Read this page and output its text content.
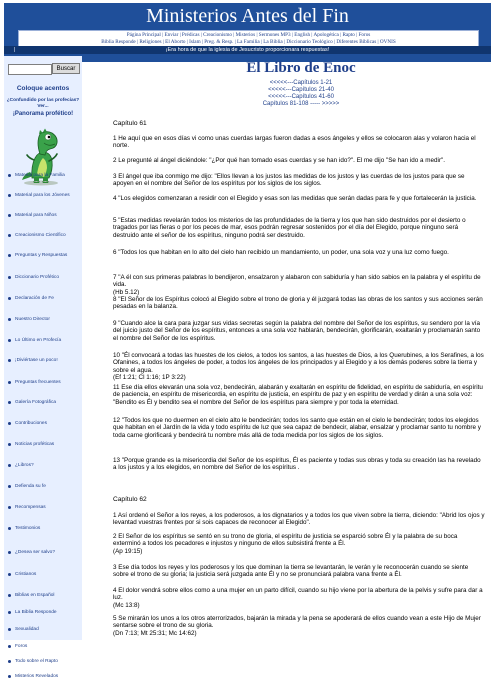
Ministerios Antes del Fin
Página Principal | Enviar | Prédicas | Creacionismo | Misterios | Sermones MP3 | English | Apologética | Rapto | Foros
Biblia Responde | Religiones | El Aborto | Islam | Preg. & Resp. | La Familia | La Biblia | Diccionario Teológico | Diferentes Biblicas | OVNIS
|	¡Era hora de que la iglesia de Jesucristo proporcionara respuestas!
Buscar
Coloque acentos
¿Confundido por las profecías?
Ver...
¡Panorama profético!
Material para la Familia
Material para los Jóvenes
Material para Niños
Creacionismo Científico
Preguntas y Respuestas
Diccionario Profético
Declaración de Fe
Nuestro Director
Lo Último en Profecía
¡Diviértase un poco!
Preguntas frecuentes
Galería Fotográfica
Contribuciones
Noticias proféticas
¿Libros?
Defienda su fe
Recompensas
Testimonios
¿Desea ser salvo?
Cristianos
Biblias en Español
La Biblia Responde
Sexualidad
Foros
Todo sobre el Rapto
Misterios Revelados
El Libro de Enoc
<<<<<---Capítulos 1-21
<<<<<---Capítulos 21-40
<<<<<---Capítulos 41-60
Capítulos 81-108 ----- >>>>>
Capítulo 61
1 He aquí que en esos días vi como unas cuerdas largas fueron dadas a esos ángeles y ellos se colocaron alas y volaron hacia el norte.
2 Le pregunté al ángel diciéndole: "¿Por qué han tomado esas cuerdas y se han ido?". El me dijo "Se han ido a medir".
3 El ángel que iba conmigo me dijo: "Ellos llevan a los justos las medidas de los justos y las cuerdas de los justos para que se apoyen en el nombre del Señor de los espíritus por los siglos de los siglos.
4 "Los elegidos comenzaran a residir con el Elegido y esas son las medidas que serán dadas para fe y que fortalecerán la justicia.
5 "Estas medidas revelarán todos los misterios de las profundidades de la tierra y los que han sido destruidos por el desierto o tragados por las fieras o por los peces de mar, esos podrán regresar sostenidos por el día del Elegido, porque ninguno será destruido ante el señor de los espíritus, ninguno podrá ser destruido.
6 "Todos los que habitan en lo alto del cielo han recibido un mandamiento, un poder, una sola voz y una luz como fuego.
7 "A él con sus primeras palabras lo bendijeron, ensalzaron y alabaron con sabiduría y han sido sabios en la palabra y el espíritu de vida.
(Hb 5.12)
8 "El Señor de los Espíritus colocó al Elegido sobre el trono de gloria y él juzgará todas las obras de los santos y sus acciones serán pesadas en la balanza.
9 "Cuando alce la cara para juzgar sus vidas secretas según la palabra del nombre del Señor de los espíritus, su sendero por la vía del juicio justo del Señor de los espíritus, entonces a una sola voz hablarán, bendecirán, glorificarán, exaltarán y proclamarán santo el nombre del Señor de los espíritus.
10 "Él convocará a todas las huestes de los cielos, a todos los santos, a las huestes de Dios, a los Querubines, a los Serafines, a los Ofanines, a todos los ángeles de poder, a todos los ángeles de los principados y al Elegido y a los demás poderes sobre la tierra y sobre el agua.
(Ef 1:21; Cl 1:16; 1P 3:22)
11 Ese día ellos elevarán una sola voz, bendecirán, alabarán y exaltarán en espíritu de fidelidad, en espíritu de sabiduría, en espíritu de paciencia, en espíritu de misericordia, en espíritu de justicia, en espíritu de paz y en espíritu de verdad y dirán a una sola voz: "Bendito es Él y bendito sea el nombre del Señor de los espíritus para siempre y por toda la eternidad.
12 "Todos los que no duermen en el cielo alto le bendecirán; todos los santo que están en el cielo le bendecirán; todos los elegidos que habitan en el Jardín de la vida y todo espíritu de luz que sea capaz de bendecir, alabar, ensalzar y proclamar santo tu nombre y toda carne glorificará y bendecirá tu nombre más allá de toda medida por los siglos de los siglos.
13 "Porque grande es la misericordia del Señor de los espíritus, Él es paciente y todas sus obras y toda su creación las ha revelado a los justos y a los elegidos, en nombre del Señor de los espíritus .
Capítulo 62
1 Así ordenó el Señor a los reyes, a los poderosos, a los dignatarios y a todos los que viven sobre la tierra, diciendo: "Abrid los ojos y levantad vuestras frentes por si sois capaces de reconocer al Elegido".
2 El Señor de los espíritus se sentó en su trono de gloria, el espíritu de justicia se esparció sobre Él y la palabra de su boca exterminó a todos los pecadores e injustos y ninguno de ellos subsistirá frente a Él.
(Ap 19:15)
3 Ese día todos los reyes y los poderosos y los que dominan la tierra se levantarán, le verán y le reconocerán cuando se siente sobre el trono de su gloria; la justicia será juzgada ante Él y no se pronunciará palabra vana frente a Él.
4 El dolor vendrá sobre ellos como a una mujer en un parto difícil, cuando su hijo viene por la abertura de la pelvis y sufre para dar a luz.
(Mc 13:8)
5 Se mirarán los unos a los otros aterrorizados, bajarán la mirada y la pena se apoderará de ellos cuando vean a este Hijo de Mujer sentarse sobre el trono de su gloria.
(Dn 7:13; Mt 25:31; Mc 14:62)
